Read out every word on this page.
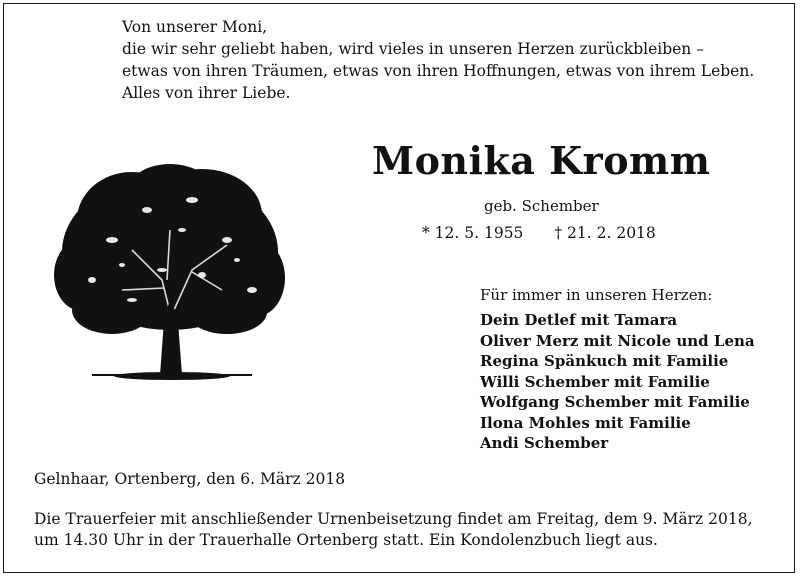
Von unserer Moni,
die wir sehr geliebt haben, wird vieles in unseren Herzen zurückbleiben –
etwas von ihren Träumen, etwas von ihren Hoffnungen, etwas von ihrem Leben.
Alles von ihrer Liebe.
Monika Kromm
geb. Schember
* 12. 5. 1955 † 21. 2. 2018
Für immer in unseren Herzen:
Dein Detlef mit Tamara
Oliver Merz mit Nicole und Lena
Regina Spänkuch mit Familie
Willi Schember mit Familie
Wolfgang Schember mit Familie
Ilona Mohles mit Familie
Andi Schember
Gelnhaar, Ortenberg, den 6. März 2018
Die Trauerfeier mit anschließender Urnenbeisetzung findet am Freitag, dem 9. März 2018,
um 14.30 Uhr in der Trauerhalle Ortenberg statt. Ein Kondolenzbuch liegt aus.
